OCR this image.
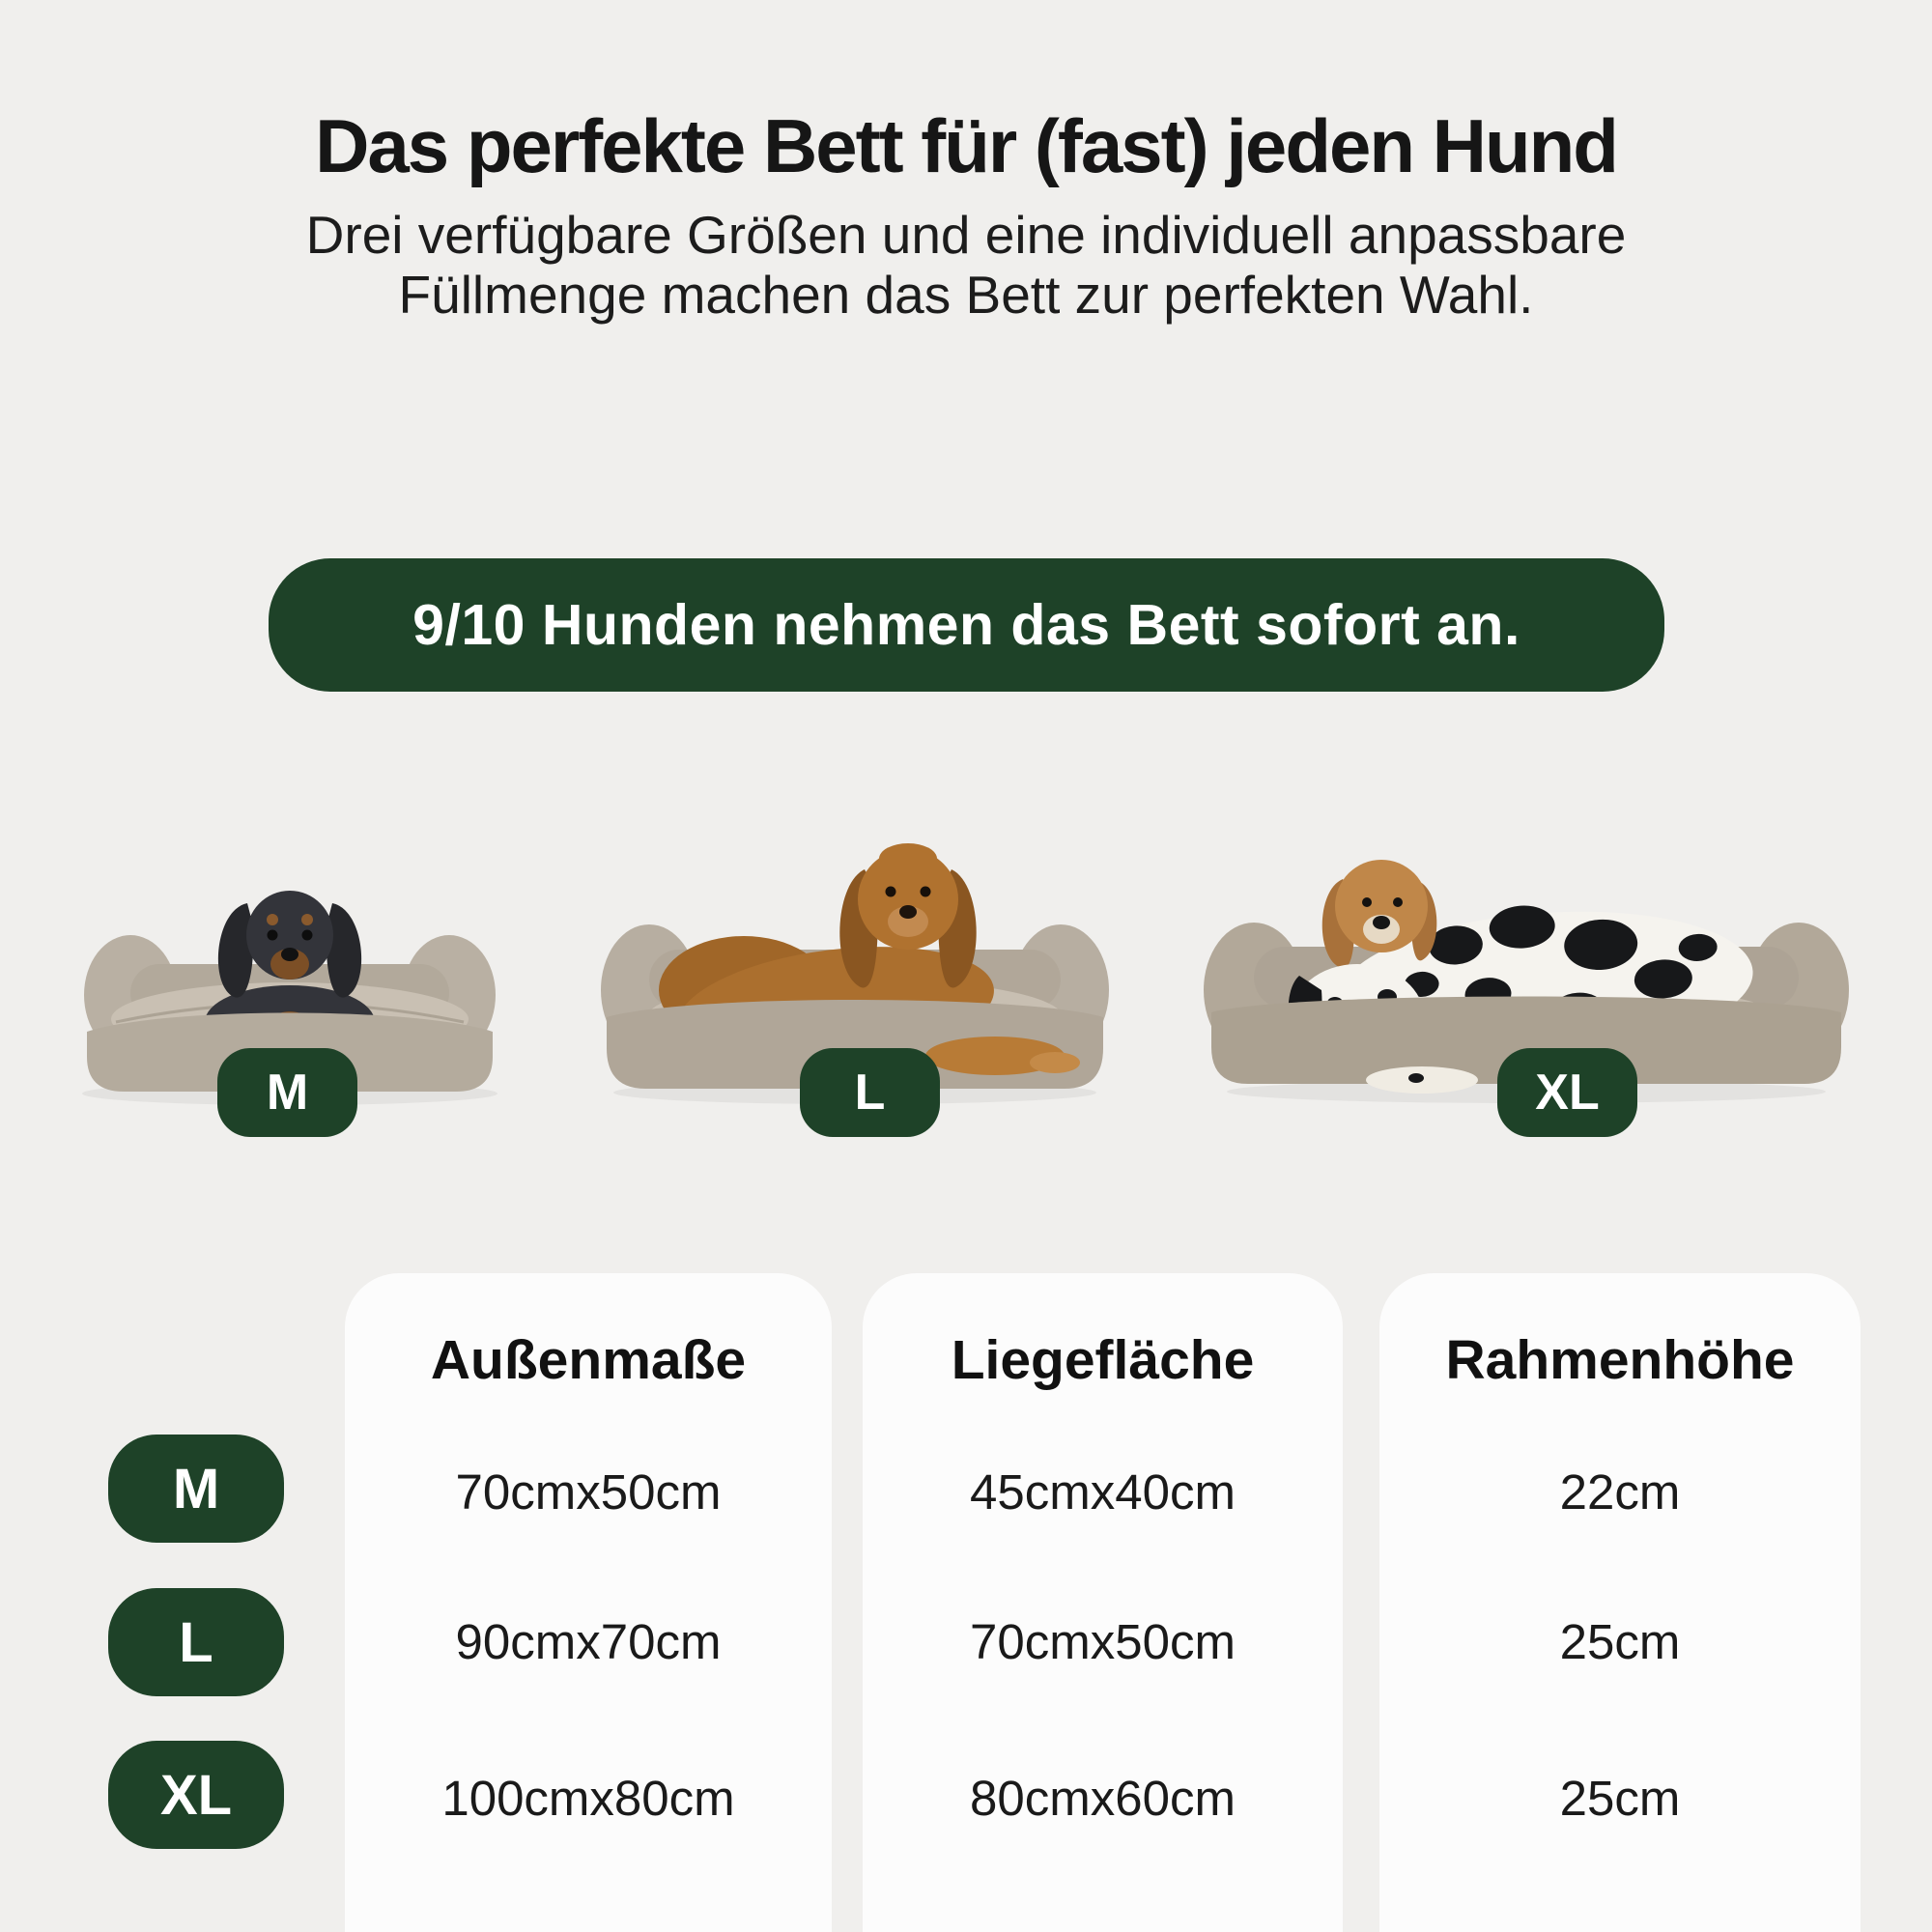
Das perfekte Bett für (fast) jeden Hund
Drei verfügbare Größen und eine individuell anpassbare
Füllmenge machen das Bett zur perfekten Wahl.
9/10 Hunden nehmen das Bett sofort an.
M	L	XL
M
L
XL
Außenmaße
70cmx50cm
90cmx70cm
100cmx80cm
Liegefläche
45cmx40cm
70cmx50cm
80cmx60cm
Rahmenhöhe
22cm
25cm
25cm
